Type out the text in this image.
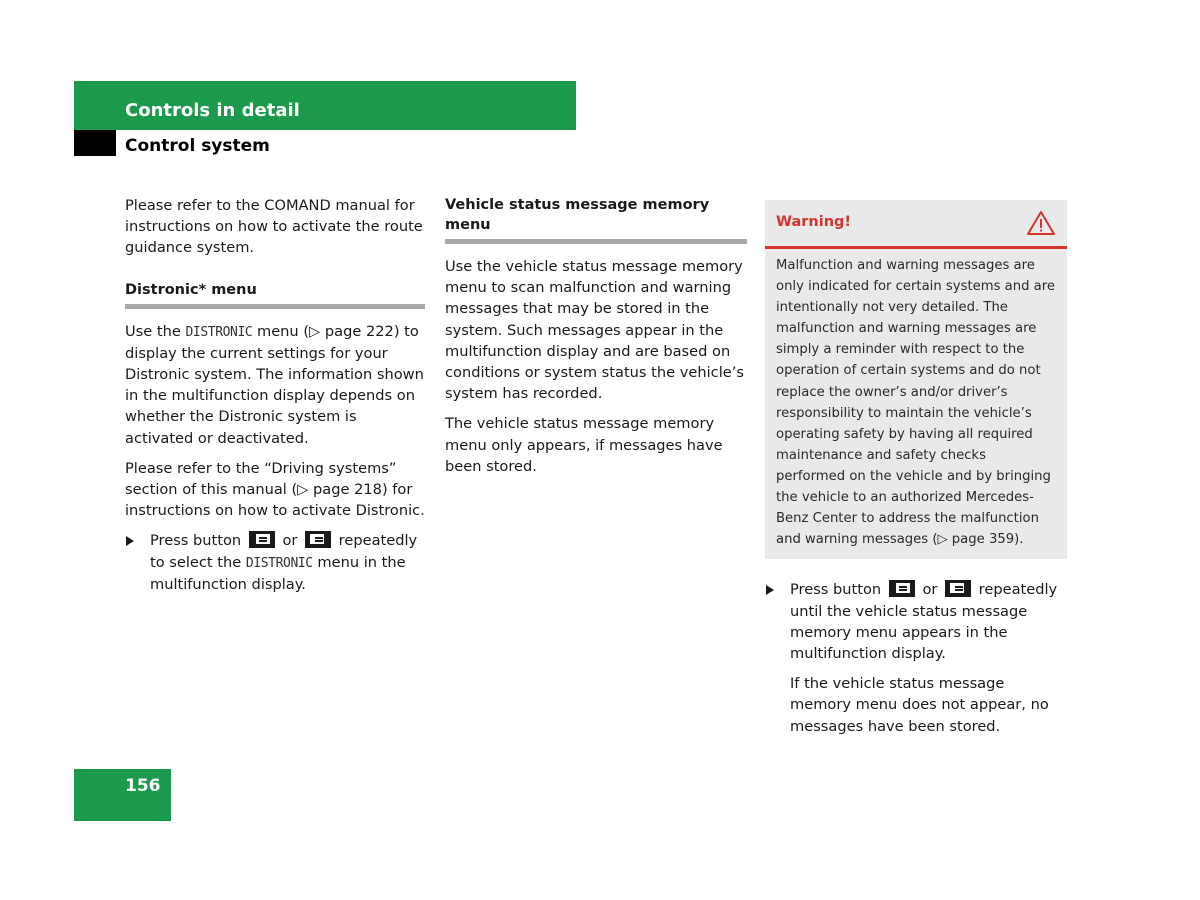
Controls in detail
Control system

Please refer to the COMAND manual for instructions on how to activate the route guidance system.

Distronic* menu

Use the DISTRONIC menu (▷ page 222) to display the current settings for your Distronic system. The information shown in the multifunction display depends on whether the Distronic system is activated or deactivated.

Please refer to the “Driving systems” section of this manual (▷ page 218) for instructions on how to activate Distronic.

Press button  or  repeatedly to select the DISTRONIC menu in the multifunction display.

Vehicle status message memory menu

Use the vehicle status message memory menu to scan malfunction and warning messages that may be stored in the system. Such messages appear in the multifunction display and are based on conditions or system status the vehicle’s system has recorded.

The vehicle status message memory menu only appears, if messages have been stored.

Warning!
Malfunction and warning messages are only indicated for certain systems and are intentionally not very detailed. The malfunction and warning messages are simply a reminder with respect to the operation of certain systems and do not replace the owner’s and/or driver’s responsibility to maintain the vehicle’s operating safety by having all required maintenance and safety checks performed on the vehicle and by bringing the vehicle to an authorized Mercedes-Benz Center to address the malfunction and warning messages (▷ page 359).

Press button  or  repeatedly until the vehicle status message memory menu appears in the multifunction display.

If the vehicle status message memory menu does not appear, no messages have been stored.

156
